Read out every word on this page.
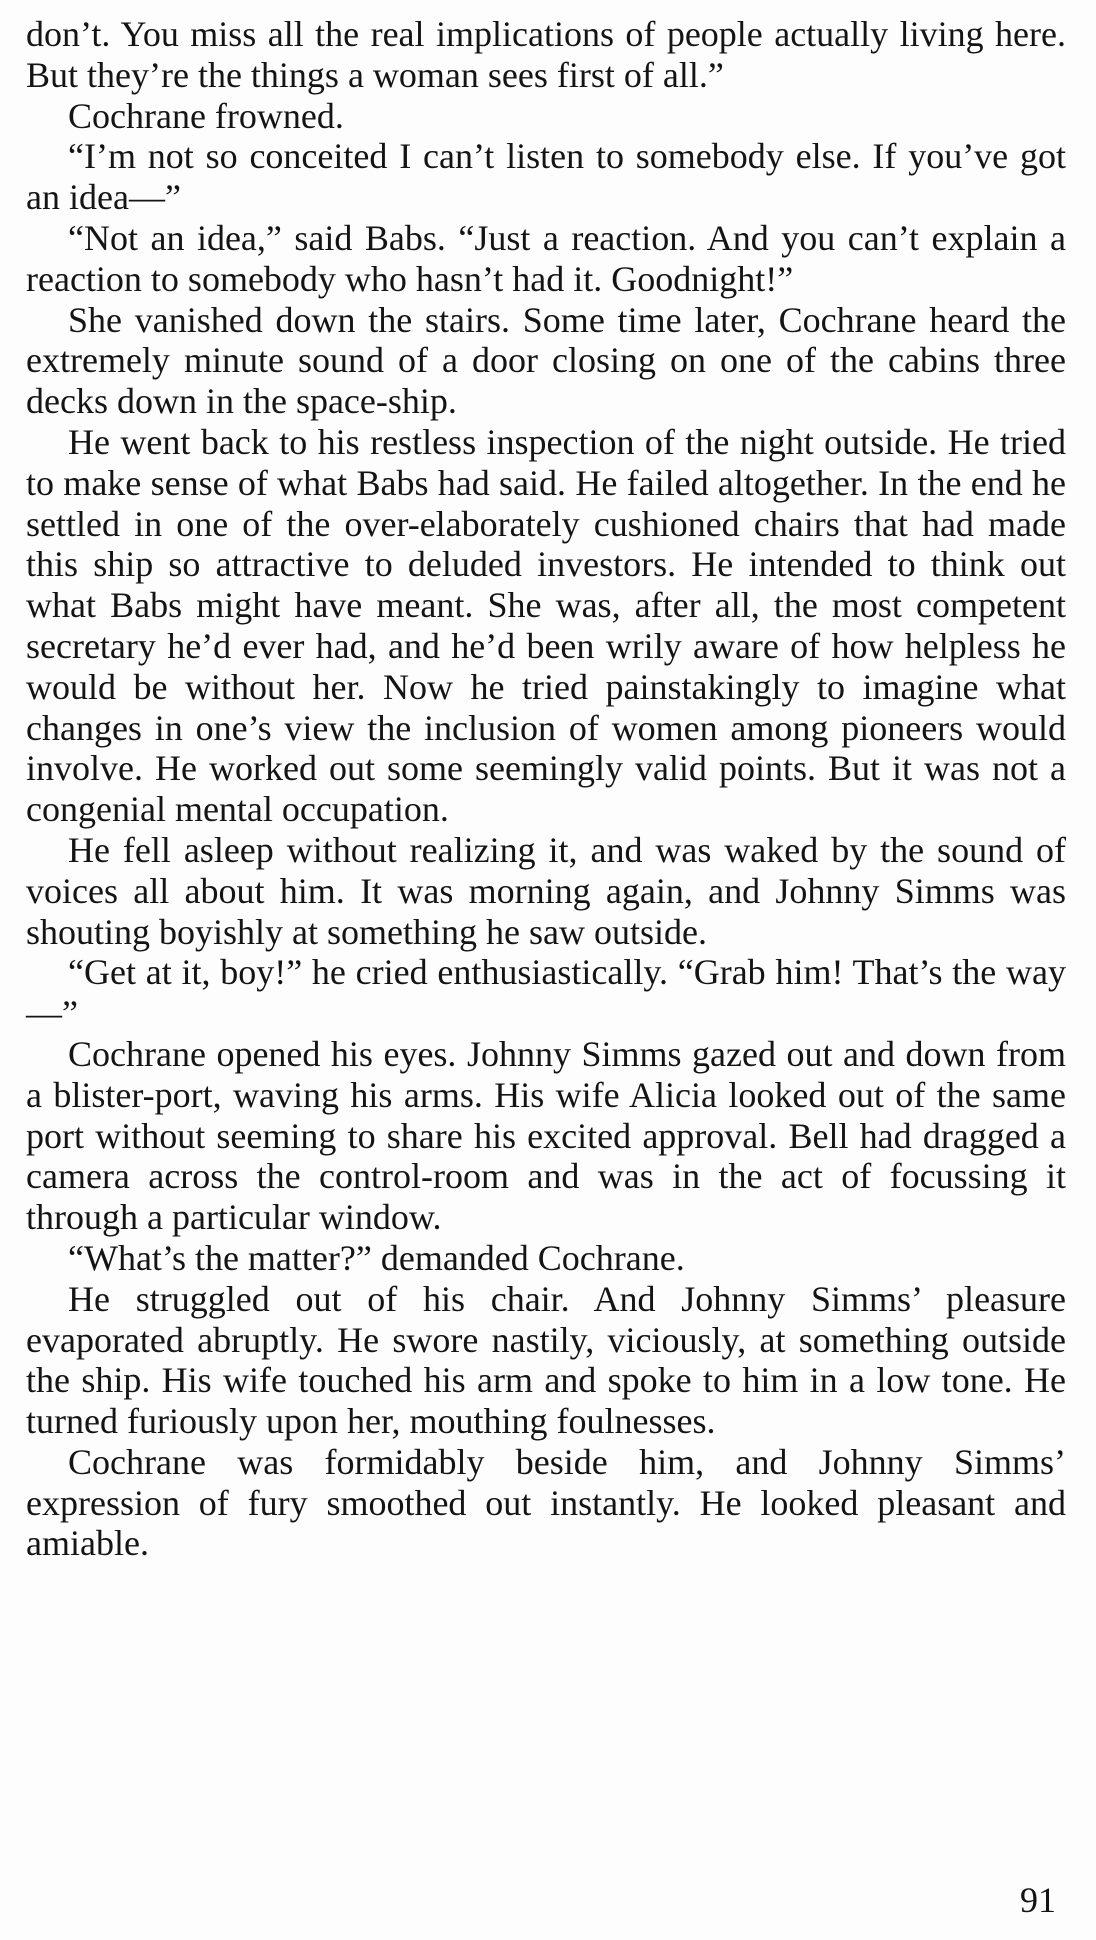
don’t. You miss all the real implications of people actually living here. But they’re the things a woman sees first of all.”

Cochrane frowned.

“I’m not so conceited I can’t listen to somebody else. If you’ve got an idea—”

“Not an idea,” said Babs. “Just a reaction. And you can’t explain a reaction to somebody who hasn’t had it. Goodnight!”

She vanished down the stairs. Some time later, Cochrane heard the extremely minute sound of a door closing on one of the cabins three decks down in the space-ship.

He went back to his restless inspection of the night outside. He tried to make sense of what Babs had said. He failed altogether. In the end he settled in one of the over-elaborately cushioned chairs that had made this ship so attractive to deluded investors. He intended to think out what Babs might have meant. She was, after all, the most competent secretary he’d ever had, and he’d been wrily aware of how helpless he would be without her. Now he tried painstakingly to imagine what changes in one’s view the inclusion of women among pioneers would involve. He worked out some seemingly valid points. But it was not a congenial mental occupation.

He fell asleep without realizing it, and was waked by the sound of voices all about him. It was morning again, and Johnny Simms was shouting boyishly at something he saw outside.

“Get at it, boy!” he cried enthusiastically. “Grab him! That’s the way—”

Cochrane opened his eyes. Johnny Simms gazed out and down from a blister-port, waving his arms. His wife Alicia looked out of the same port without seeming to share his excited approval. Bell had dragged a camera across the control-room and was in the act of focussing it through a particular window.

“What’s the matter?” demanded Cochrane.

He struggled out of his chair. And Johnny Simms’ pleasure evaporated abruptly. He swore nastily, viciously, at something outside the ship. His wife touched his arm and spoke to him in a low tone. He turned furiously upon her, mouthing foulnesses.

Cochrane was formidably beside him, and Johnny Simms’ expression of fury smoothed out instantly. He looked pleasant and amiable.

91
